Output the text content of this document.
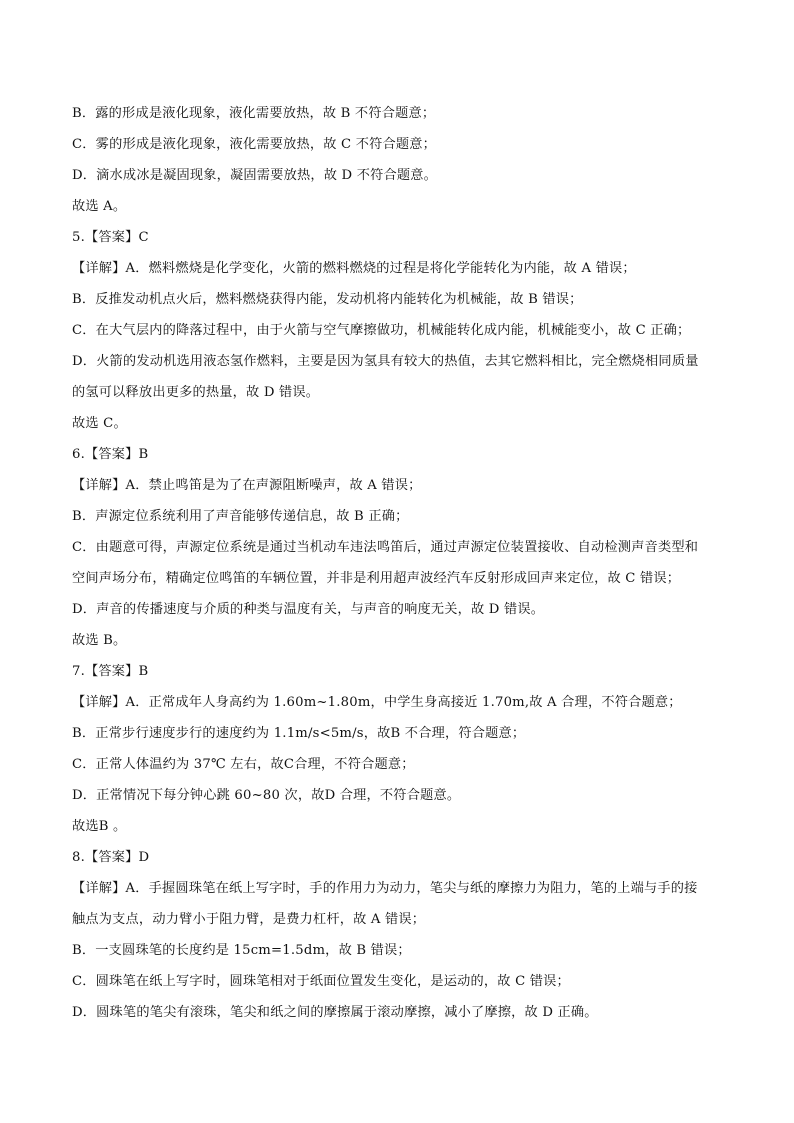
B．露的形成是液化现象，液化需要放热，故 B 不符合题意；
C．雾的形成是液化现象，液化需要放热，故 C 不符合题意；
D．滴水成冰是凝固现象，凝固需要放热，故 D 不符合题意。
故选 A。
5.【答案】C
【详解】A．燃料燃烧是化学变化，火箭的燃料燃烧的过程是将化学能转化为内能，故 A 错误；
B．反推发动机点火后，燃料燃烧获得内能，发动机将内能转化为机械能，故 B 错误；
C．在大气层内的降落过程中，由于火箭与空气摩擦做功，机械能转化成内能，机械能变小，故 C 正确；
D．火箭的发动机选用液态氢作燃料，主要是因为氢具有较大的热值，去其它燃料相比，完全燃烧相同质量
的氢可以释放出更多的热量，故 D 错误。
故选 C。
6.【答案】B
【详解】A．禁止鸣笛是为了在声源阻断噪声，故 A 错误；
B．声源定位系统利用了声音能够传递信息，故 B 正确；
C．由题意可得，声源定位系统是通过当机动车违法鸣笛后，通过声源定位装置接收、自动检测声音类型和
空间声场分布，精确定位鸣笛的车辆位置，并非是利用超声波经汽车反射形成回声来定位，故 C 错误；
D．声音的传播速度与介质的种类与温度有关，与声音的响度无关，故 D 错误。
故选 B。
7.【答案】B
【详解】A．正常成年人身高约为 1.60m~1.80m，中学生身高接近 1.70m,故 A 合理，不符合题意；
B．正常步行速度步行的速度约为 1.1m/s<5m/s，故B 不合理，符合题意；
C．正常人体温约为 37℃ 左右，故C合理，不符合题意；
D．正常情况下每分钟心跳 60~80 次，故D 合理，不符合题意。
故选B 。
8.【答案】D
【详解】A．手握圆珠笔在纸上写字时，手的作用力为动力，笔尖与纸的摩擦力为阻力，笔的上端与手的接
触点为支点，动力臂小于阻力臂，是费力杠杆，故 A 错误；
B．一支圆珠笔的长度约是 15cm=1.5dm，故 B 错误；
C．圆珠笔在纸上写字时，圆珠笔相对于纸面位置发生变化，是运动的，故 C 错误；
D．圆珠笔的笔尖有滚珠，笔尖和纸之间的摩擦属于滚动摩擦，减小了摩擦，故 D 正确。
